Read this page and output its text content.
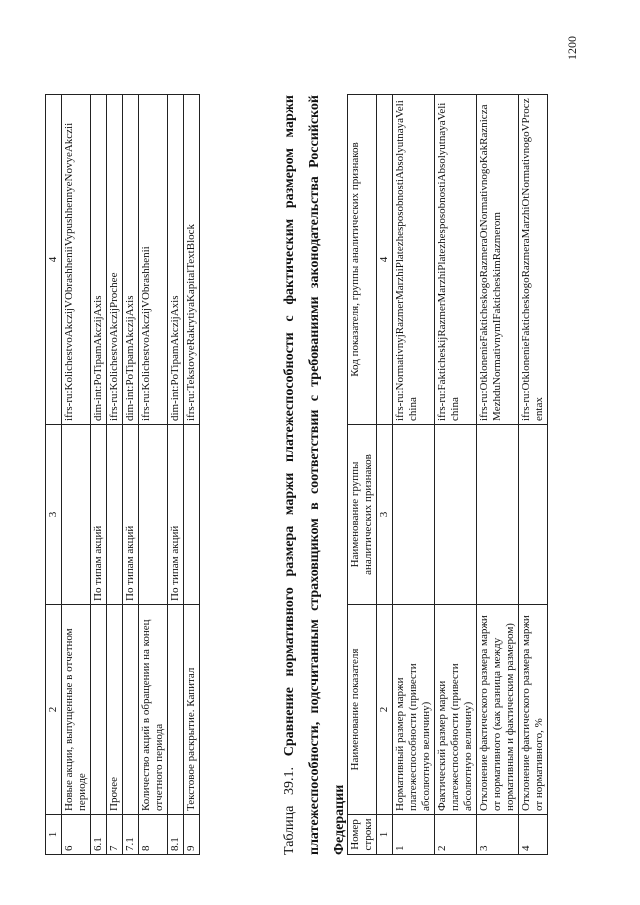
1	2	3	4
6	Новые акции, выпущенные в отчетном периоде		ifrs-ru:KolichestvoAkczijVObrashheniiVypushhennyeNovyeAkczii
6.1		По типам акций	dim-int:PoTipamAkczijAxis
7	Прочее		ifrs-ru:KolichestvoAkczijProchee
7.1		По типам акций	dim-int:PoTipamAkczijAxis
8	Количество акций в обращении на конец отчетного периода		ifrs-ru:KolichestvoAkczijVObrashhenii
8.1		По типам акций	dim-int:PoTipamAkczijAxis
9	Текстовое раскрытие. Капитал		ifrs-ru:TekstovyeRakrytiyaKapitalTextBlock
Таблица 39.1. Сравнение нормативного размера маржи платежеспособности с фактическим размером маржи платежеспособности, подсчитанным страховщиком в соответствии с требованиями законодательства Российской Федерации Номер строки	Наименование показателя	Наименование группы аналитических признаков	Код показателя, группы аналитических признаков
1	2	3	4
1	Нормативный размер маржи платежеспособности (привести абсолютную величину)		ifrs-ru:NormativnyjRazmerMarzhiPlatezhesposobnostiAbsolyutnayaVelichina
2	Фактический размер маржи платежеспособности (привести абсолютную величину)		ifrs-ru:FakticheskijRazmerMarzhiPlatezhesposobnostiAbsolyutnayaVelichina
3	Отклонение фактического размера маржи от нормативного (как разница между нормативным и фактическим размером)		ifrs-ru:OtklonenieFakticheskogoRazmeraOtNormativnogoKakRazniczaMezhduNormativnymIFakticheskimRazmerom
4	Отклонение фактического размера маржи от нормативного, %		ifrs-ru:OtklonenieFakticheskogoRazmeraMarzhiOtNormativnogoVProczentax
1200
